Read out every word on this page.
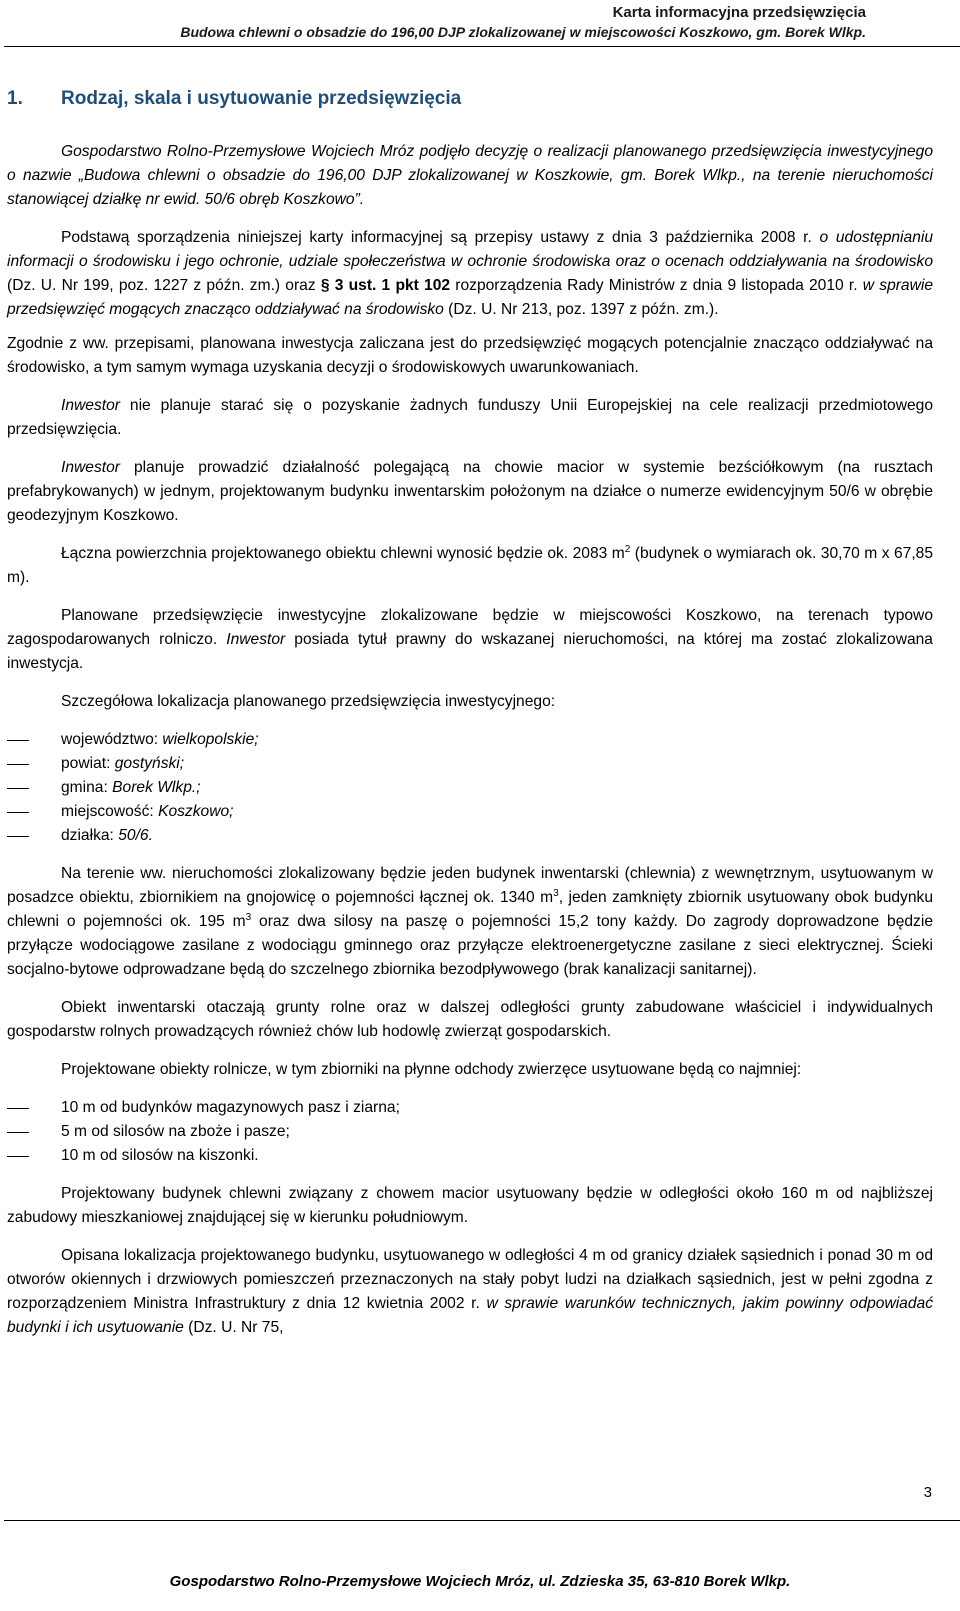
Karta informacyjna przedsięwzięcia
Budowa chlewni o obsadzie do 196,00 DJP zlokalizowanej w miejscowości Koszkowo, gm. Borek Wlkp.
1. Rodzaj, skala i usytuowanie przedsięwzięcia

Gospodarstwo Rolno-Przemysłowe Wojciech Mróz podjęło decyzję o realizacji planowanego przedsięwzięcia inwestycyjnego o nazwie „Budowa chlewni o obsadzie do 196,00 DJP zlokalizowanej w Koszkowie, gm. Borek Wlkp., na terenie nieruchomości stanowiącej działkę nr ewid. 50/6 obręb Koszkowo”.

Podstawą sporządzenia niniejszej karty informacyjnej są przepisy ustawy z dnia 3 października 2008 r. o udostępnianiu informacji o środowisku i jego ochronie, udziale społeczeństwa w ochronie środowiska oraz o ocenach oddziaływania na środowisko (Dz. U. Nr 199, poz. 1227 z późn. zm.) oraz § 3 ust. 1 pkt 102 rozporządzenia Rady Ministrów z dnia 9 listopada 2010 r. w sprawie przedsięwzięć mogących znacząco oddziaływać na środowisko (Dz. U. Nr 213, poz. 1397 z późn. zm.).

Zgodnie z ww. przepisami, planowana inwestycja zaliczana jest do przedsięwzięć mogących potencjalnie znacząco oddziaływać na środowisko, a tym samym wymaga uzyskania decyzji o środowiskowych uwarunkowaniach.

Inwestor nie planuje starać się o pozyskanie żadnych funduszy Unii Europejskiej na cele realizacji przedmiotowego przedsięwzięcia.

Inwestor planuje prowadzić działalność polegającą na chowie macior w systemie bezściółkowym (na rusztach prefabrykowanych) w jednym, projektowanym budynku inwentarskim położonym na działce o numerze ewidencyjnym 50/6 w obrębie geodezyjnym Koszkowo.

Łączna powierzchnia projektowanego obiektu chlewni wynosić będzie ok. 2083 $m^2$ (budynek o wymiarach ok. 30,70 m x 67,85 m).

Planowane przedsięwzięcie inwestycyjne zlokalizowane będzie w miejscowości Koszkowo, na terenach typowo zagospodarowanych rolniczo. Inwestor posiada tytuł prawny do wskazanej nieruchomości, na której ma zostać zlokalizowana inwestycja.

Szczegółowa lokalizacja planowanego przedsięwzięcia inwestycyjnego:

województwo: wielkopolskie;
powiat: gostyński;
gmina: Borek Wlkp.;
miejscowość: Koszkowo;
działka: 50/6.

Na terenie ww. nieruchomości zlokalizowany będzie jeden budynek inwentarski (chlewnia) z wewnętrznym, usytuowanym w posadzce obiektu, zbiornikiem na gnojowicę o pojemności łącznej ok. 1340 $m^3$, jeden zamknięty zbiornik usytuowany obok budynku chlewni o pojemności ok. 195 $m^3$ oraz dwa silosy na paszę o pojemności 15,2 tony każdy. Do zagrody doprowadzone będzie przyłącze wodociągowe zasilane z wodociągu gminnego oraz przyłącze elektroenergetyczne zasilane z sieci elektrycznej. Ścieki socjalno-bytowe odprowadzane będą do szczelnego zbiornika bezodpływowego (brak kanalizacji sanitarnej).

Obiekt inwentarski otaczają grunty rolne oraz w dalszej odległości grunty zabudowane właściciel i indywidualnych gospodarstw rolnych prowadzących również chów lub hodowlę zwierząt gospodarskich.

Projektowane obiekty rolnicze, w tym zbiorniki na płynne odchody zwierzęce usytuowane będą co najmniej:

10 m od budynków magazynowych pasz i ziarna;
5 m od silosów na zboże i pasze;
10 m od silosów na kiszonki.

Projektowany budynek chlewni związany z chowem macior usytuowany będzie w odległości około 160 m od najbliższej zabudowy mieszkaniowej znajdującej się w kierunku południowym.

Opisana lokalizacja projektowanego budynku, usytuowanego w odległości 4 m od granicy działek sąsiednich i ponad 30 m od otworów okiennych i drzwiowych pomieszczeń przeznaczonych na stały pobyt ludzi na działkach sąsiednich, jest w pełni zgodna z rozporządzeniem Ministra Infrastruktury z dnia 12 kwietnia 2002 r. w sprawie warunków technicznych, jakim powinny odpowiadać budynki i ich usytuowanie (Dz. U. Nr 75,

3
Gospodarstwo Rolno-Przemysłowe Wojciech Mróz, ul. Zdzieska 35, 63-810 Borek Wlkp.
